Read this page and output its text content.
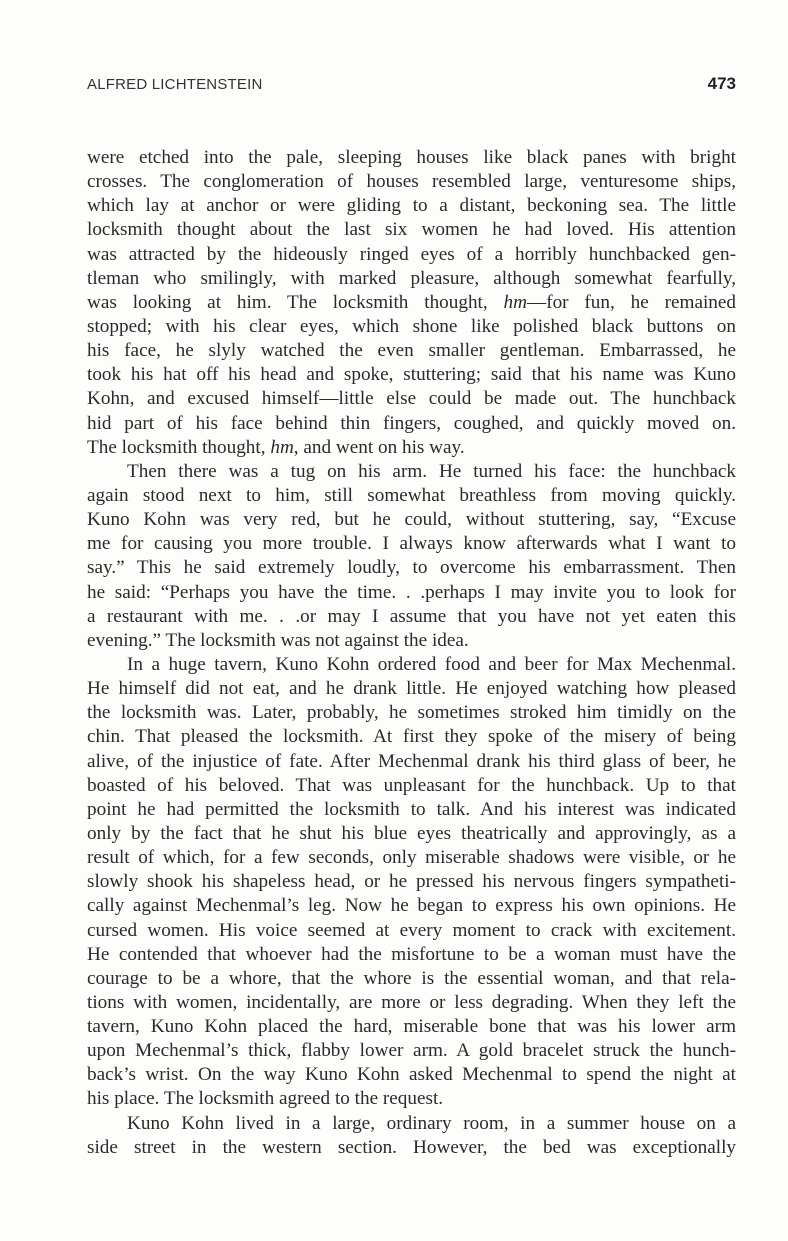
ALFRED LICHTENSTEIN	473
were etched into the pale, sleeping houses like black panes with bright
crosses. The conglomeration of houses resembled large, venturesome ships,
which lay at anchor or were gliding to a distant, beckoning sea. The little
locksmith thought about the last six women he had loved. His attention
was attracted by the hideously ringed eyes of a horribly hunchbacked gen-
tleman who smilingly, with marked pleasure, although somewhat fearfully,
was looking at him. The locksmith thought, hm—for fun, he remained
stopped; with his clear eyes, which shone like polished black buttons on
his face, he slyly watched the even smaller gentleman. Embarrassed, he
took his hat off his head and spoke, stuttering; said that his name was Kuno
Kohn, and excused himself—little else could be made out. The hunchback
hid part of his face behind thin fingers, coughed, and quickly moved on.
The locksmith thought, hm, and went on his way.
Then there was a tug on his arm. He turned his face: the hunchback
again stood next to him, still somewhat breathless from moving quickly.
Kuno Kohn was very red, but he could, without stuttering, say, “Excuse
me for causing you more trouble. I always know afterwards what I want to
say.” This he said extremely loudly, to overcome his embarrassment. Then
he said: “Perhaps you have the time. . .perhaps I may invite you to look for
a restaurant with me. . .or may I assume that you have not yet eaten this
evening.” The locksmith was not against the idea.
In a huge tavern, Kuno Kohn ordered food and beer for Max Mechenmal.
He himself did not eat, and he drank little. He enjoyed watching how pleased
the locksmith was. Later, probably, he sometimes stroked him timidly on the
chin. That pleased the locksmith. At first they spoke of the misery of being
alive, of the injustice of fate. After Mechenmal drank his third glass of beer, he
boasted of his beloved. That was unpleasant for the hunchback. Up to that
point he had permitted the locksmith to talk. And his interest was indicated
only by the fact that he shut his blue eyes theatrically and approvingly, as a
result of which, for a few seconds, only miserable shadows were visible, or he
slowly shook his shapeless head, or he pressed his nervous fingers sympatheti-
cally against Mechenmal’s leg. Now he began to express his own opinions. He
cursed women. His voice seemed at every moment to crack with excitement.
He contended that whoever had the misfortune to be a woman must have the
courage to be a whore, that the whore is the essential woman, and that rela-
tions with women, incidentally, are more or less degrading. When they left the
tavern, Kuno Kohn placed the hard, miserable bone that was his lower arm
upon Mechenmal’s thick, flabby lower arm. A gold bracelet struck the hunch-
back’s wrist. On the way Kuno Kohn asked Mechenmal to spend the night at
his place. The locksmith agreed to the request.
Kuno Kohn lived in a large, ordinary room, in a summer house on a
side street in the western section. However, the bed was exceptionally
